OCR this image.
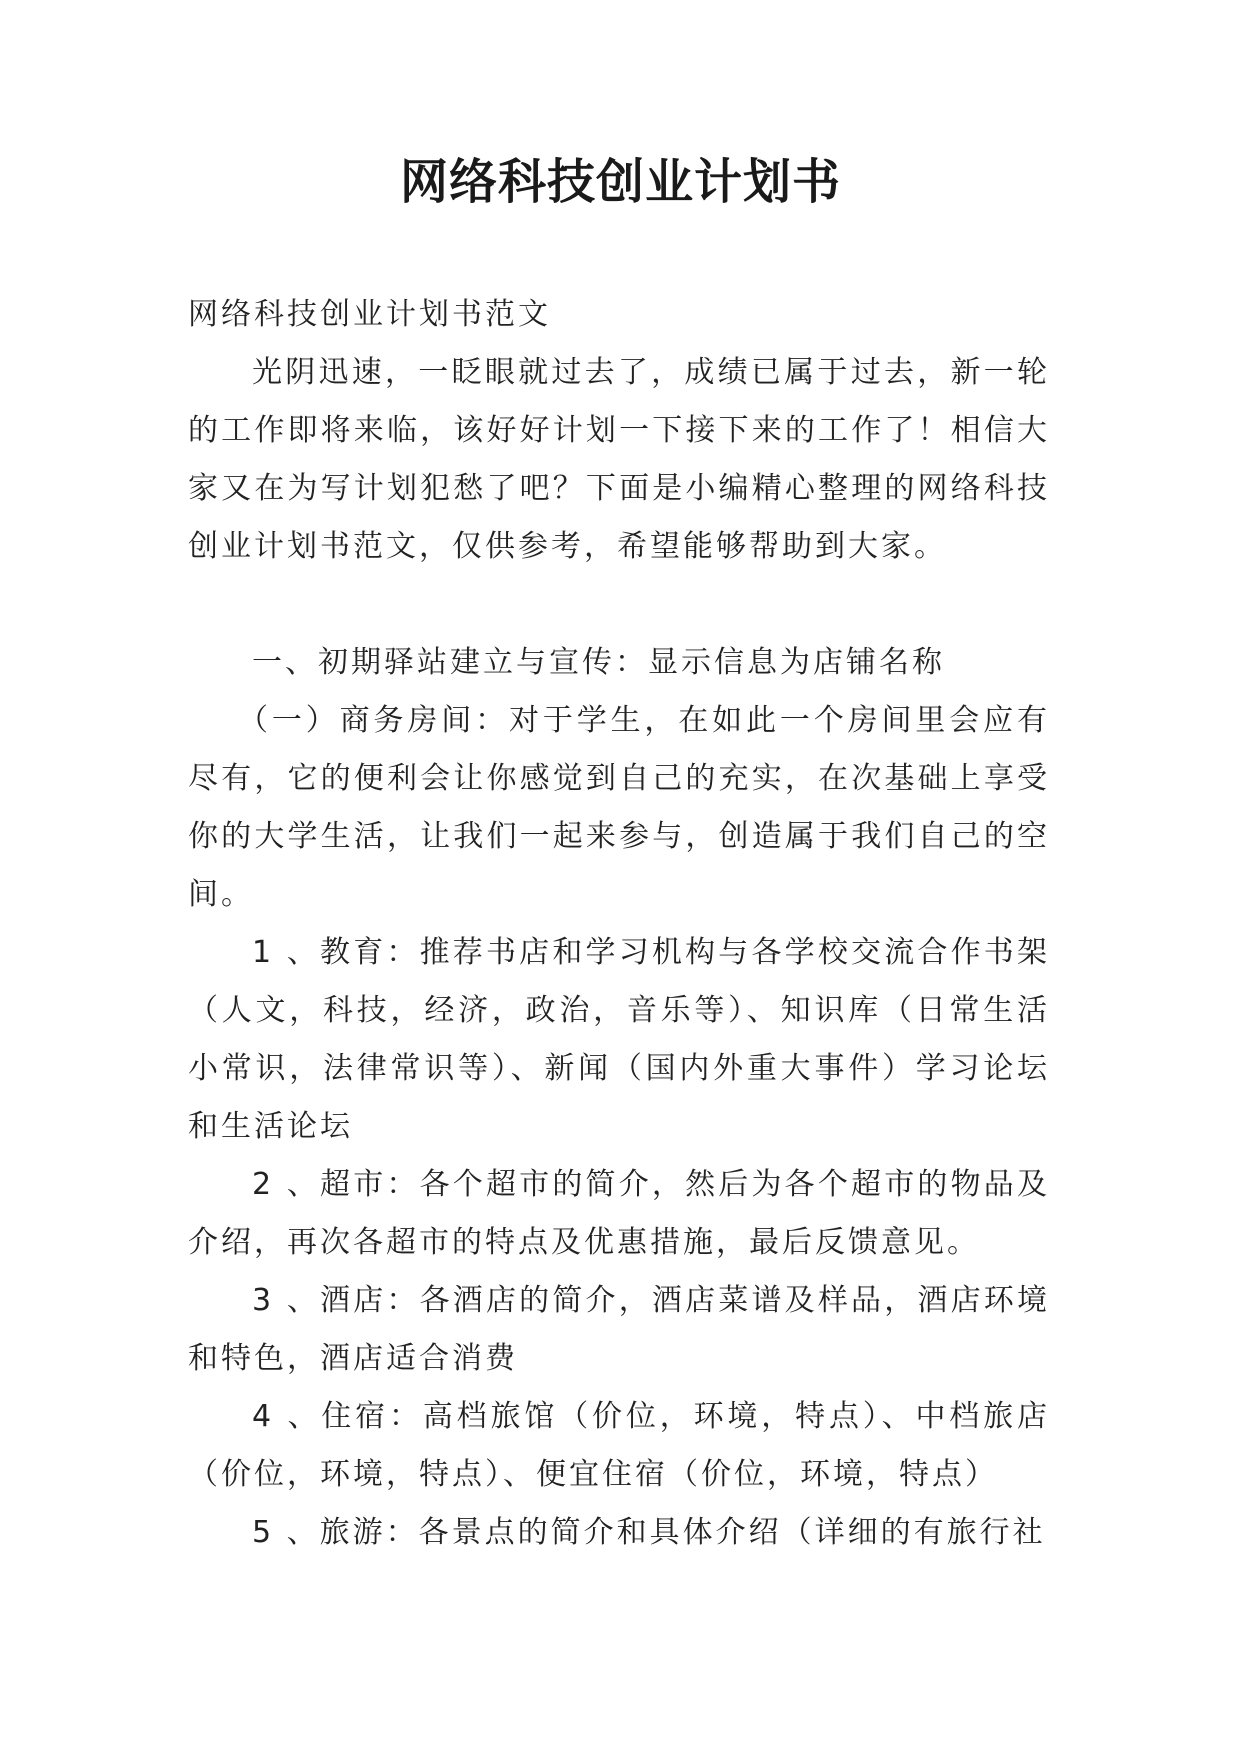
网络科技创业计划书

网络科技创业计划书范文

光阴迅速，一眨眼就过去了，成绩已属于过去，新一轮的工作即将来临，该好好计划一下接下来的工作了！相信大家又在为写计划犯愁了吧？下面是小编精心整理的网络科技创业计划书范文，仅供参考，希望能够帮助到大家。

一、初期驿站建立与宣传：显示信息为店铺名称

（一）商务房间：对于学生，在如此一个房间里会应有尽有，它的便利会让你感觉到自己的充实，在次基础上享受你的大学生活，让我们一起来参与，创造属于我们自己的空间。

1 、教育：推荐书店和学习机构与各学校交流合作书架（人文，科技，经济，政治，音乐等）、知识库（日常生活小常识，法律常识等）、新闻（国内外重大事件）学习论坛和生活论坛

2 、超市：各个超市的简介，然后为各个超市的物品及介绍，再次各超市的特点及优惠措施，最后反馈意见。

3 、酒店：各酒店的简介，酒店菜谱及样品，酒店环境和特色，酒店适合消费

4 、住宿：高档旅馆（价位，环境，特点）、中档旅店（价位，环境，特点）、便宜住宿（价位，环境，特点）

5 、旅游：各景点的简介和具体介绍（详细的有旅行社
